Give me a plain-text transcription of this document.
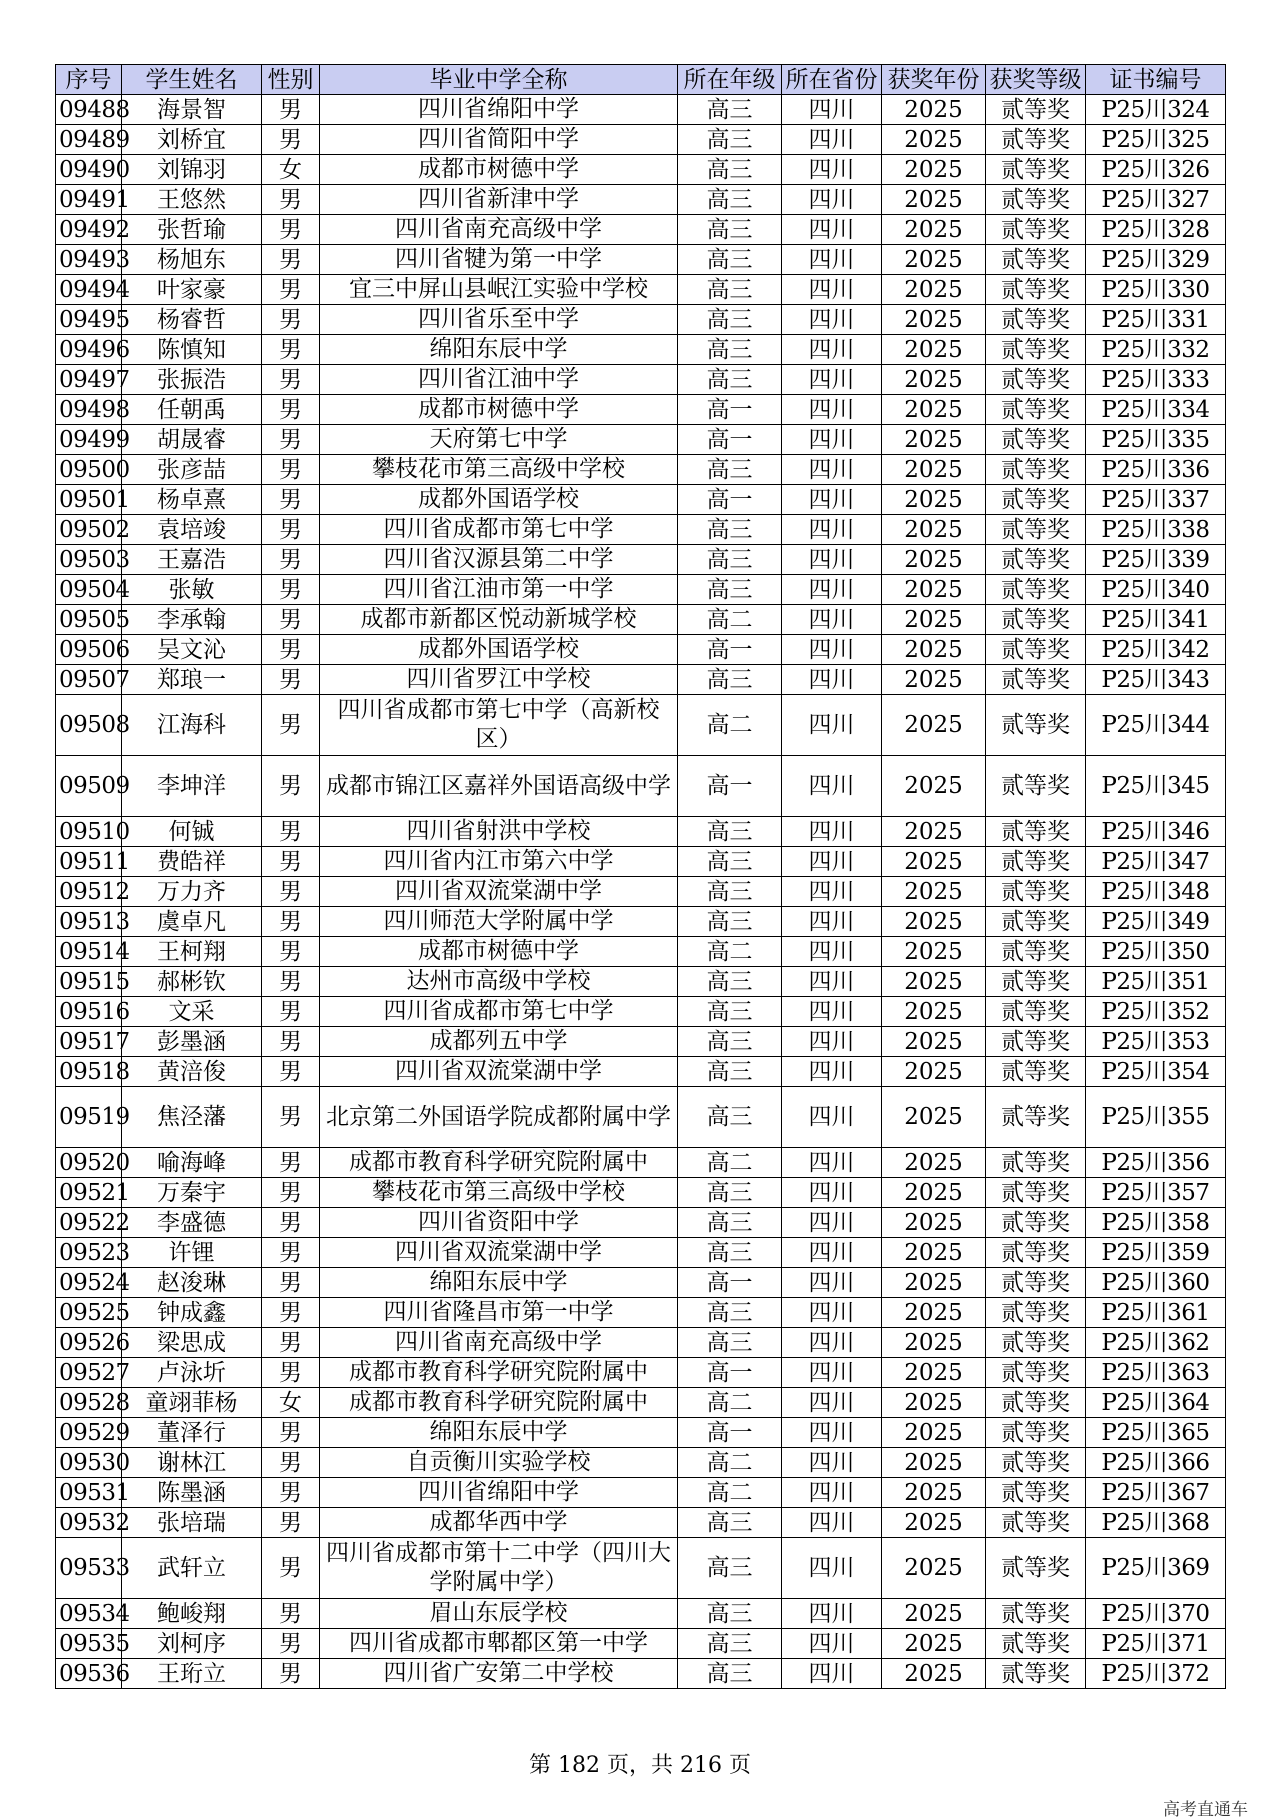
序号	学生姓名	性别	毕业中学全称	所在年级	所在省份	获奖年份	获奖等级	证书编号
09488	海景智	男	四川省绵阳中学	高三	四川	2025	贰等奖	P25川324
09489	刘桥宜	男	四川省简阳中学	高三	四川	2025	贰等奖	P25川325
09490	刘锦羽	女	成都市树德中学	高三	四川	2025	贰等奖	P25川326
09491	王悠然	男	四川省新津中学	高三	四川	2025	贰等奖	P25川327
09492	张哲瑜	男	四川省南充高级中学	高三	四川	2025	贰等奖	P25川328
09493	杨旭东	男	四川省犍为第一中学	高三	四川	2025	贰等奖	P25川329
09494	叶家豪	男	宜三中屏山县岷江实验中学校	高三	四川	2025	贰等奖	P25川330
09495	杨睿哲	男	四川省乐至中学	高三	四川	2025	贰等奖	P25川331
09496	陈慎知	男	绵阳东辰中学	高三	四川	2025	贰等奖	P25川332
09497	张振浩	男	四川省江油中学	高三	四川	2025	贰等奖	P25川333
09498	任朝禹	男	成都市树德中学	高一	四川	2025	贰等奖	P25川334
09499	胡晟睿	男	天府第七中学	高一	四川	2025	贰等奖	P25川335
09500	张彦喆	男	攀枝花市第三高级中学校	高三	四川	2025	贰等奖	P25川336
09501	杨卓熹	男	成都外国语学校	高一	四川	2025	贰等奖	P25川337
09502	袁培竣	男	四川省成都市第七中学	高三	四川	2025	贰等奖	P25川338
09503	王嘉浩	男	四川省汉源县第二中学	高三	四川	2025	贰等奖	P25川339
09504	张敏	男	四川省江油市第一中学	高三	四川	2025	贰等奖	P25川340
09505	李承翰	男	成都市新都区悦动新城学校	高二	四川	2025	贰等奖	P25川341
09506	吴文沁	男	成都外国语学校	高一	四川	2025	贰等奖	P25川342
09507	郑琅一	男	四川省罗江中学校	高三	四川	2025	贰等奖	P25川343
09508	江海科	男	四川省成都市第七中学（高新校区）	高二	四川	2025	贰等奖	P25川344
09509	李坤洋	男	成都市锦江区嘉祥外国语高级中学	高一	四川	2025	贰等奖	P25川345
09510	何铖	男	四川省射洪中学校	高三	四川	2025	贰等奖	P25川346
09511	费皓祥	男	四川省内江市第六中学	高三	四川	2025	贰等奖	P25川347
09512	万力齐	男	四川省双流棠湖中学	高三	四川	2025	贰等奖	P25川348
09513	虞卓凡	男	四川师范大学附属中学	高三	四川	2025	贰等奖	P25川349
09514	王柯翔	男	成都市树德中学	高二	四川	2025	贰等奖	P25川350
09515	郝彬钦	男	达州市高级中学校	高三	四川	2025	贰等奖	P25川351
09516	文采	男	四川省成都市第七中学	高三	四川	2025	贰等奖	P25川352
09517	彭墨涵	男	成都列五中学	高三	四川	2025	贰等奖	P25川353
09518	黄涪俊	男	四川省双流棠湖中学	高三	四川	2025	贰等奖	P25川354
09519	焦泾藩	男	北京第二外国语学院成都附属中学	高三	四川	2025	贰等奖	P25川355
09520	喻海峰	男	成都市教育科学研究院附属中	高二	四川	2025	贰等奖	P25川356
09521	万秦宇	男	攀枝花市第三高级中学校	高三	四川	2025	贰等奖	P25川357
09522	李盛德	男	四川省资阳中学	高三	四川	2025	贰等奖	P25川358
09523	许锂	男	四川省双流棠湖中学	高三	四川	2025	贰等奖	P25川359
09524	赵浚琳	男	绵阳东辰中学	高一	四川	2025	贰等奖	P25川360
09525	钟成鑫	男	四川省隆昌市第一中学	高三	四川	2025	贰等奖	P25川361
09526	梁思成	男	四川省南充高级中学	高三	四川	2025	贰等奖	P25川362
09527	卢泳圻	男	成都市教育科学研究院附属中	高一	四川	2025	贰等奖	P25川363
09528	童翊菲杨	女	成都市教育科学研究院附属中	高二	四川	2025	贰等奖	P25川364
09529	董泽行	男	绵阳东辰中学	高一	四川	2025	贰等奖	P25川365
09530	谢林江	男	自贡衡川实验学校	高二	四川	2025	贰等奖	P25川366
09531	陈墨涵	男	四川省绵阳中学	高二	四川	2025	贰等奖	P25川367
09532	张培瑞	男	成都华西中学	高三	四川	2025	贰等奖	P25川368
09533	武轩立	男	四川省成都市第十二中学（四川大学附属中学）	高三	四川	2025	贰等奖	P25川369
09534	鲍峻翔	男	眉山东辰学校	高三	四川	2025	贰等奖	P25川370
09535	刘柯序	男	四川省成都市郫都区第一中学	高三	四川	2025	贰等奖	P25川371
09536	王珩立	男	四川省广安第二中学校	高三	四川	2025	贰等奖	P25川372
第 182 页，共 216 页
高考直通车
